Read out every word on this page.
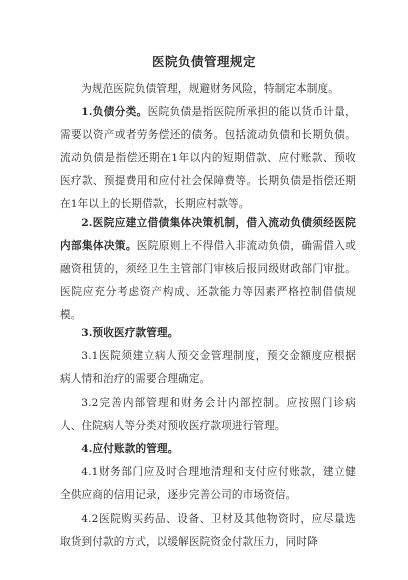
医院负债管理规定
为规范医院负债管理，规避财务风险，特制定本制度。
1.负债分类。医院负债是指医院所承担的能以货币计量，需要以资产或者劳务偿还的债务。包括流动负债和长期负债。流动负债是指偿还期在1年以内的短期借款、应付账款、预收医疗款、预提费用和应付社会保障费等。长期负债是指偿还期在1年以上的长期借款，长期应村款等。
2.医院应建立借债集体决策机制，借入流动负债须经医院内部集体决策。医院原则上不得借入非流动负债，确需借入或融资租赁的，须经卫生主管部门审核后报同级财政部门审批。医院应充分考虑资产构成、还款能力等因素严格控制借债规模。
3.预收医疗款管理。
3.1医院须建立病人预交金管理制度，预交金额度应根据病人情和治疗的需要合理确定。
3.2完善内部管理和财务会计内部控制。应按照门诊病人、住院病人等分类对预收医疗款项进行管理。
4.应付账款的管理。
4.1财务部门应及时合理地清理和支付应付账款，建立健全供应商的信用记录，逐步完善公司的市场资信。
4.2医院购买药品、设备、卫材及其他物资时，应尽量选取货到付款的方式，以缓解医院资金付款压力，同时降
